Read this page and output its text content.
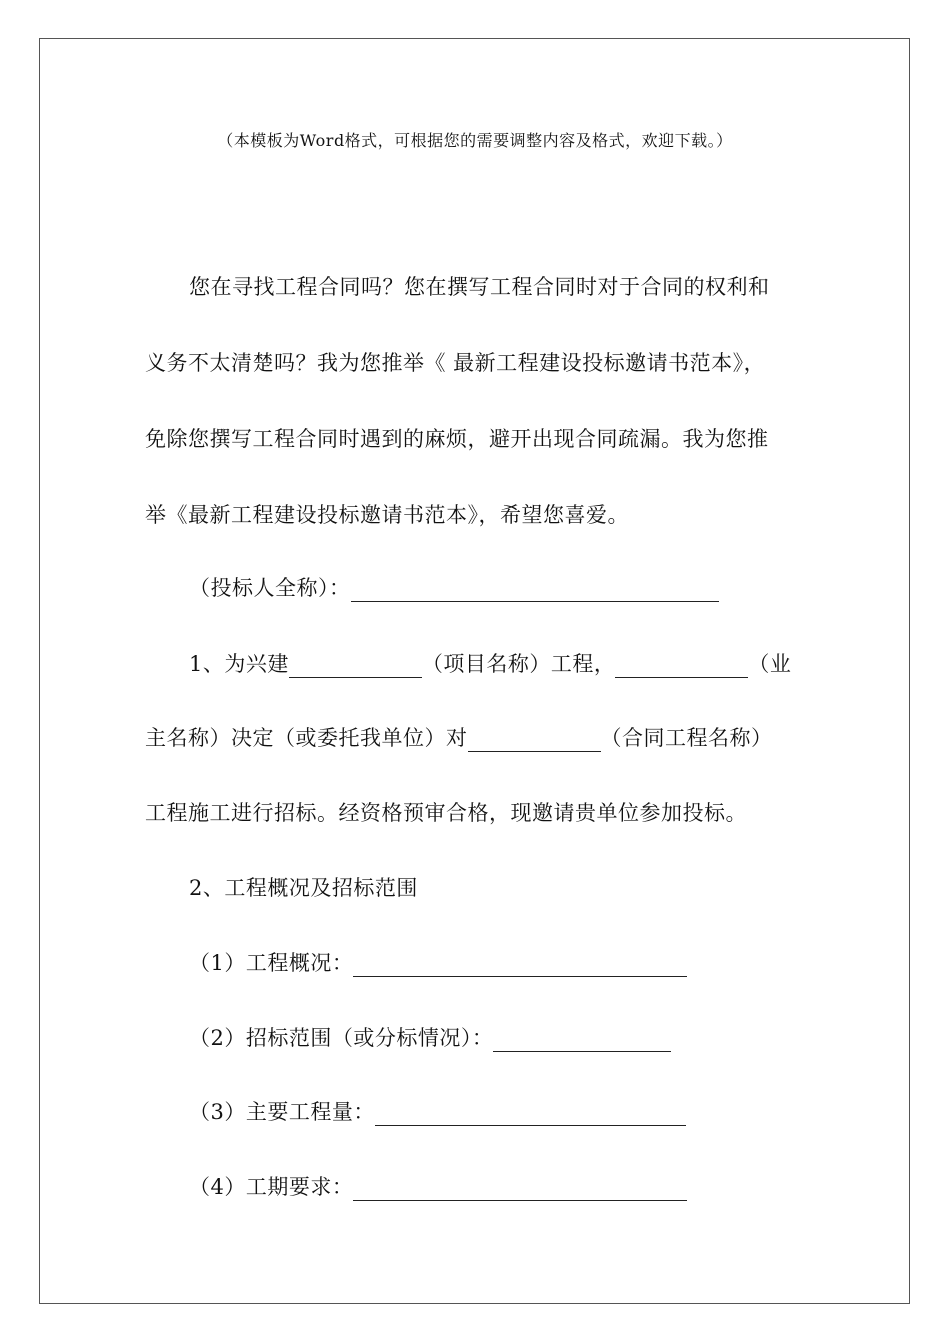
（本模板为Word格式，可根据您的需要调整内容及格式，欢迎下载。）
您在寻找工程合同吗？您在撰写工程合同时对于合同的权利和
义务不太清楚吗？我为您推举《 最新工程建设投标邀请书范本》，
免除您撰写工程合同时遇到的麻烦，避开出现合同疏漏。我为您推
举《最新工程建设投标邀请书范本》，希望您喜爱。
（投标人全称）：
1、为兴建	（项目名称）工程，	（业
主名称）决定（或委托我单位）对	（合同工程名称）
工程施工进行招标。经资格预审合格，现邀请贵单位参加投标。
2、工程概况及招标范围
（1）工程概况：
（2）招标范围（或分标情况）：
（3）主要工程量：
（4）工期要求：
